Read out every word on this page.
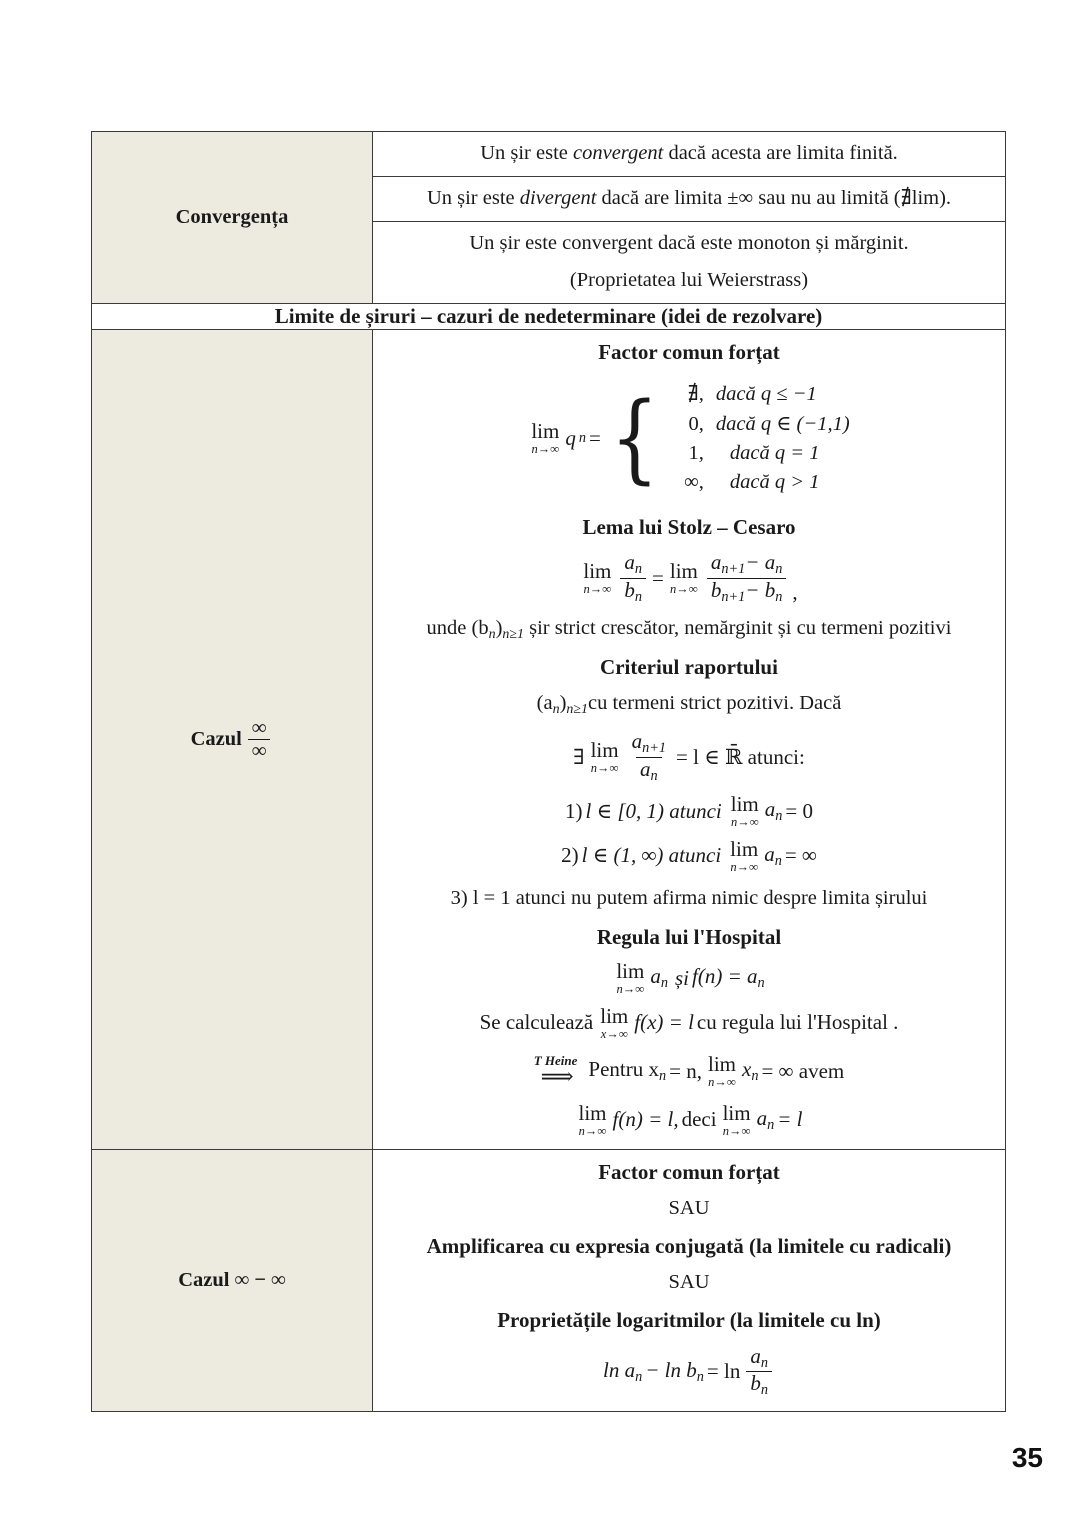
Convergența	Un șir este convergent dacă acesta are limita finită.

	Un șir este divergent dacă are limita ±∞ sau nu au limită (∄lim).

	Un șir este convergent dacă este monoton și mărginit.
(Proprietatea lui Weierstrass)

Limite de șiruri – cazuri de nedeterminare (idei de rezolvare)	

Cazul $\frac{\infty}{\infty}$

Factor comun forțat
lim
n→∞ q n = {	∄, dacă q ≤ −1
0, dacă q ∈ (−1,1)
1,	dacă q = 1
∞,	dacă q > 1
Lema lui Stolz – Cesaro
lim
$n\to\infty \frac{a_n}{b_n} = \lim$
$n\to\infty \frac{a_{n+1}- a_n}{b_{n+1}- b_n}$ ,
unde $(b_n)_{n\ge 1}$ șir strict crescător, nemărginit și cu termeni pozitivi
Criteriul raportului
$(a_n)_{n\ge 1}cu$ termeni strict pozitivi. Dacă
∃ lim
$n\to\infty \frac{a_{n+1}}{a_n} = l$ ∈ ℝ̄ atunci:
1) l ∈ [0, 1) atunci lim
n→∞
$a_n = 0$
2) l ∈ (1, ∞) atunci lim
n→∞
$a_n$ = ∞
3) l = 1 atunci nu putem afirma nimic despre limita șirului
Regula lui l'Hospital
lim
n→∞
$a_n$ și $f(n) = a_n$
Se calculează lim
x→∞ f(x) = l cu regula lui l'Hospital .
T Heine
⟹ Pentru $x_n = n$, lim
n→∞
$x_n$ = ∞ avem
lim
n→∞ f(n) = l, deci lim
n→∞
$a_n = l$

Cazul ∞ − ∞	
Factor comun forțat
SAU
Amplificarea cu expresia conjugată (la limitele cu radicali)
SAU
Proprietățile logaritmilor (la limitele cu ln)
$\ln a_n - \ln b_n = \ln \frac{a_n}{b_n}$
35
